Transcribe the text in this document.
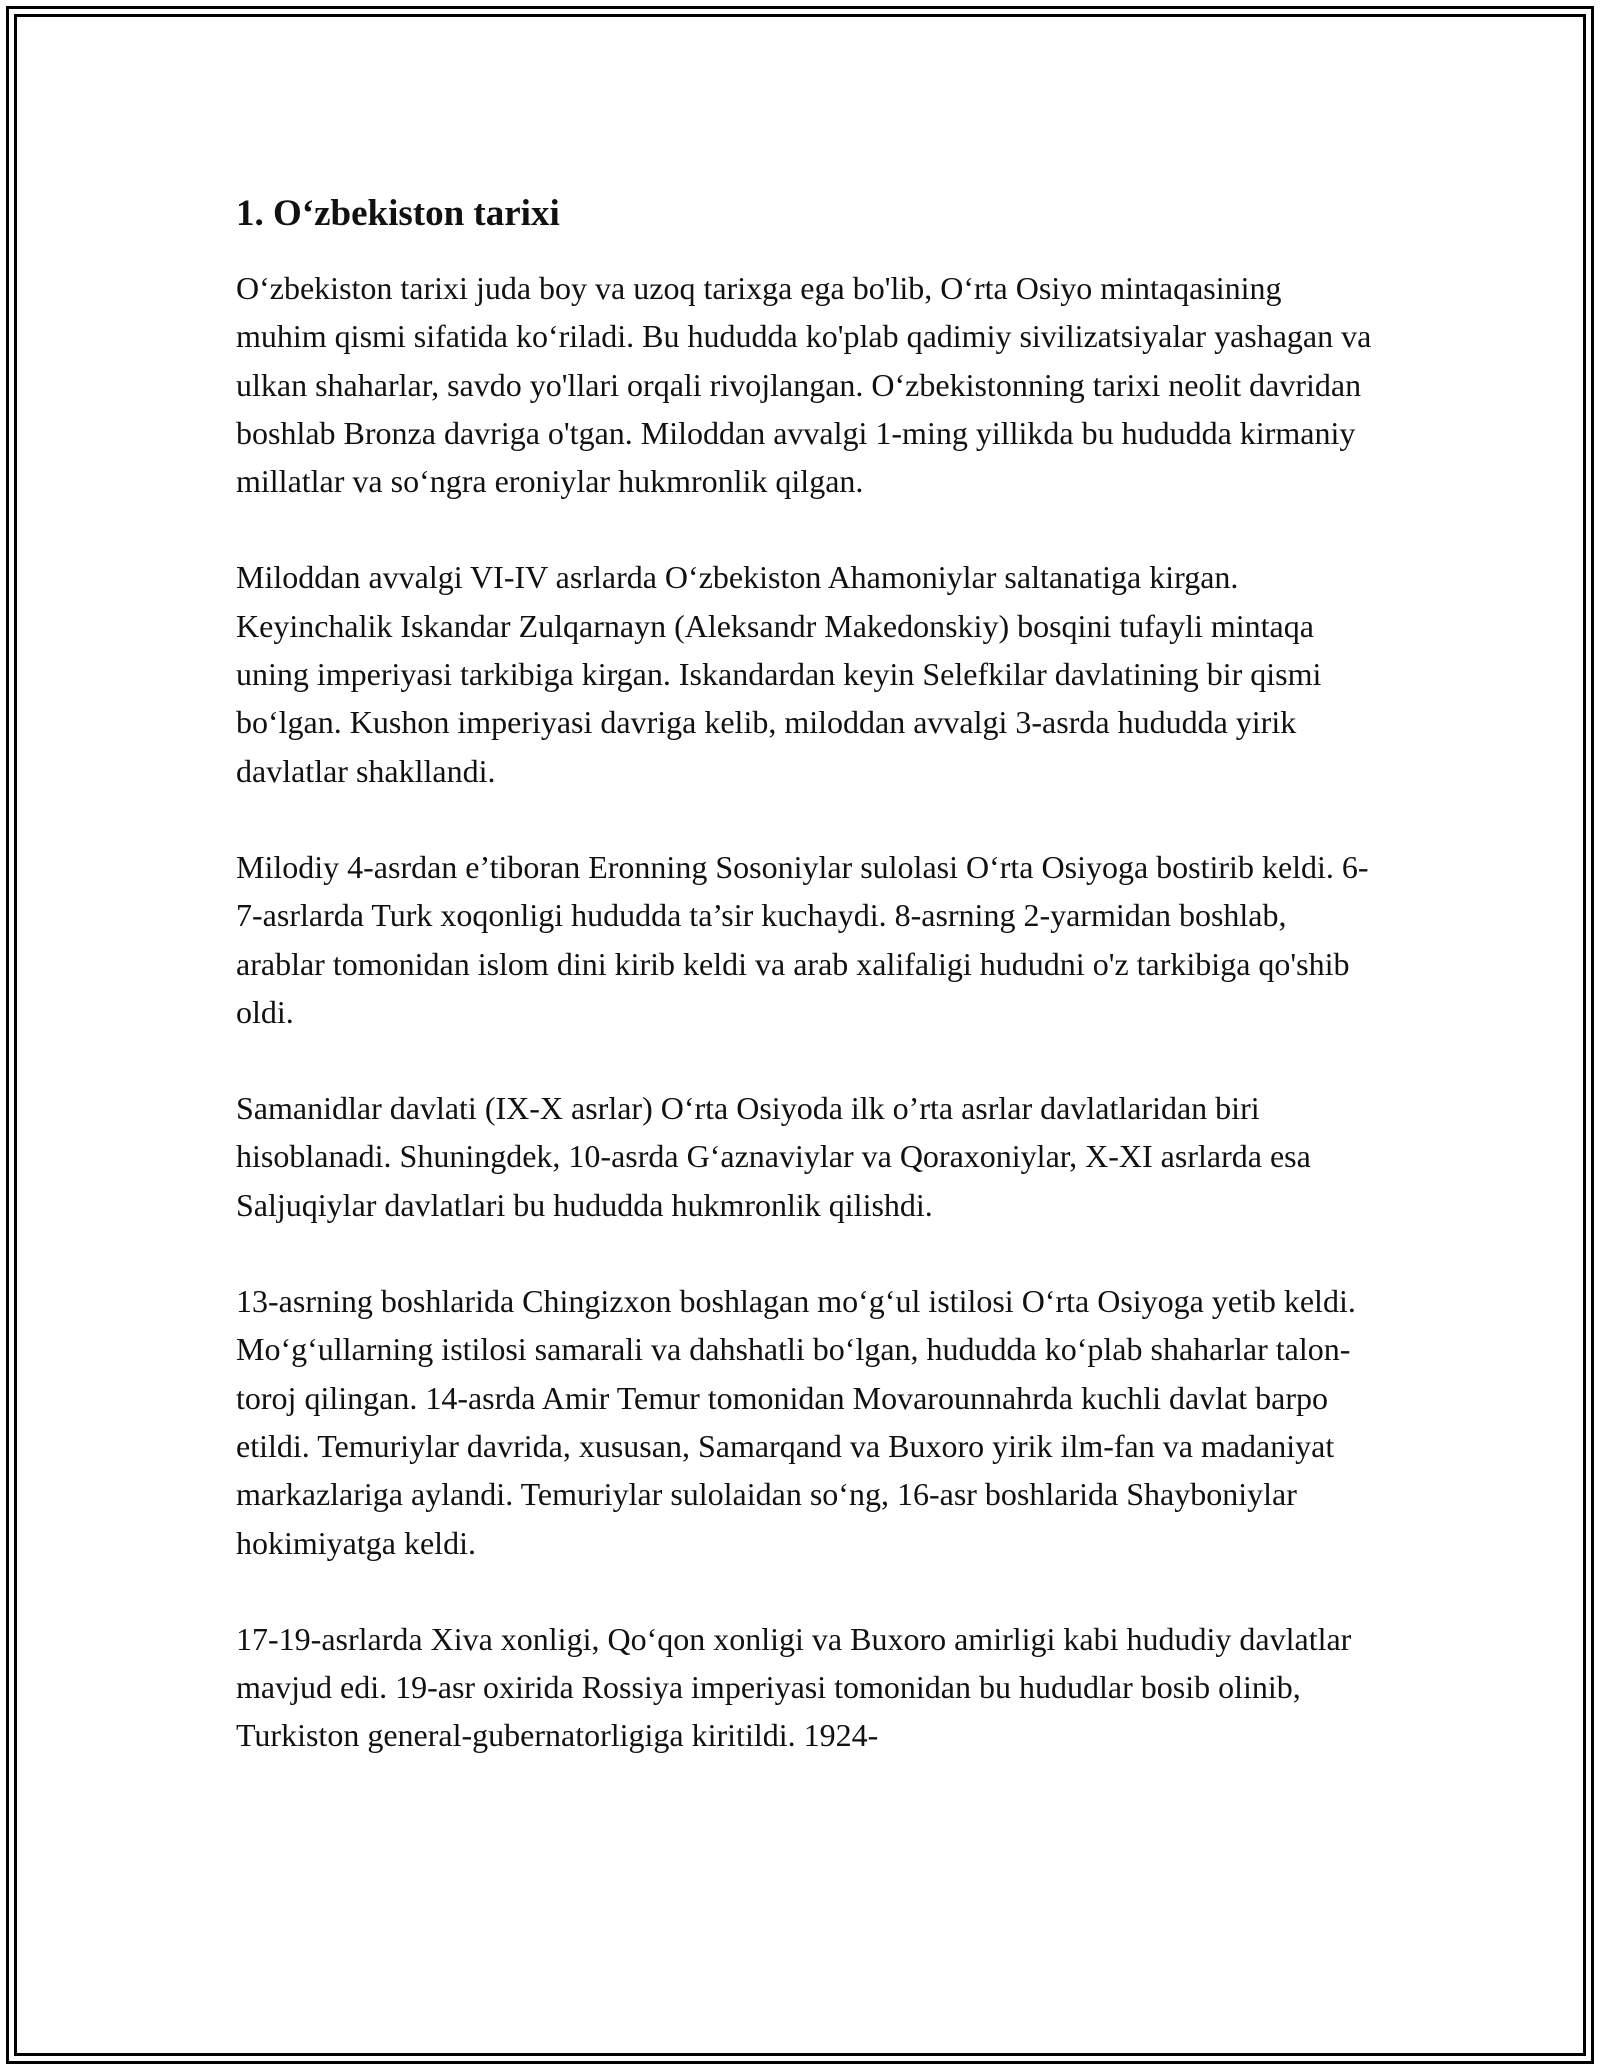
1. O‘zbekiston tarixi

O‘zbekiston tarixi juda boy va uzoq tarixga ega bo'lib, O‘rta Osiyo mintaqasining muhim qismi sifatida ko‘riladi. Bu hududda ko'plab qadimiy sivilizatsiyalar yashagan va ulkan shaharlar, savdo yo'llari orqali rivojlangan. O‘zbekistonning tarixi neolit davridan boshlab Bronza davriga o'tgan. Miloddan avvalgi 1-ming yillikda bu hududda kirmaniy millatlar va so‘ngra eroniylar hukmronlik qilgan.

Miloddan avvalgi VI-IV asrlarda O‘zbekiston Ahamoniylar saltanatiga kirgan. Keyinchalik Iskandar Zulqarnayn (Aleksandr Makedonskiy) bosqini tufayli mintaqa uning imperiyasi tarkibiga kirgan. Iskandardan keyin Selefkilar davlatining bir qismi bo‘lgan. Kushon imperiyasi davriga kelib, miloddan avvalgi 3-asrda hududda yirik davlatlar shakllandi.

Milodiy 4-asrdan e’tiboran Eronning Sosoniylar sulolasi O‘rta Osiyoga bostirib keldi. 6-7-asrlarda Turk xoqonligi hududda ta’sir kuchaydi. 8-asrning 2-yarmidan boshlab, arablar tomonidan islom dini kirib keldi va arab xalifaligi hududni o'z tarkibiga qo'shib oldi.

Samanidlar davlati (IX-X asrlar) O‘rta Osiyoda ilk o’rta asrlar davlatlaridan biri hisoblanadi. Shuningdek, 10-asrda G‘aznaviylar va Qoraxoniylar, X-XI asrlarda esa Saljuqiylar davlatlari bu hududda hukmronlik qilishdi.

13-asrning boshlarida Chingizxon boshlagan mo‘g‘ul istilosi O‘rta Osiyoga yetib keldi. Mo‘g‘ullarning istilosi samarali va dahshatli bo‘lgan, hududda ko‘plab shaharlar talon-toroj qilingan. 14-asrda Amir Temur tomonidan Movarounnahrda kuchli davlat barpo etildi. Temuriylar davrida, xususan, Samarqand va Buxoro yirik ilm-fan va madaniyat markazlariga aylandi. Temuriylar sulolaidan so‘ng, 16-asr boshlarida Shayboniylar hokimiyatga keldi.

17-19-asrlarda Xiva xonligi, Qo‘qon xonligi va Buxoro amirligi kabi hududiy davlatlar mavjud edi. 19-asr oxirida Rossiya imperiyasi tomonidan bu hududlar bosib olinib, Turkiston general-gubernatorligiga kiritildi. 1924-
